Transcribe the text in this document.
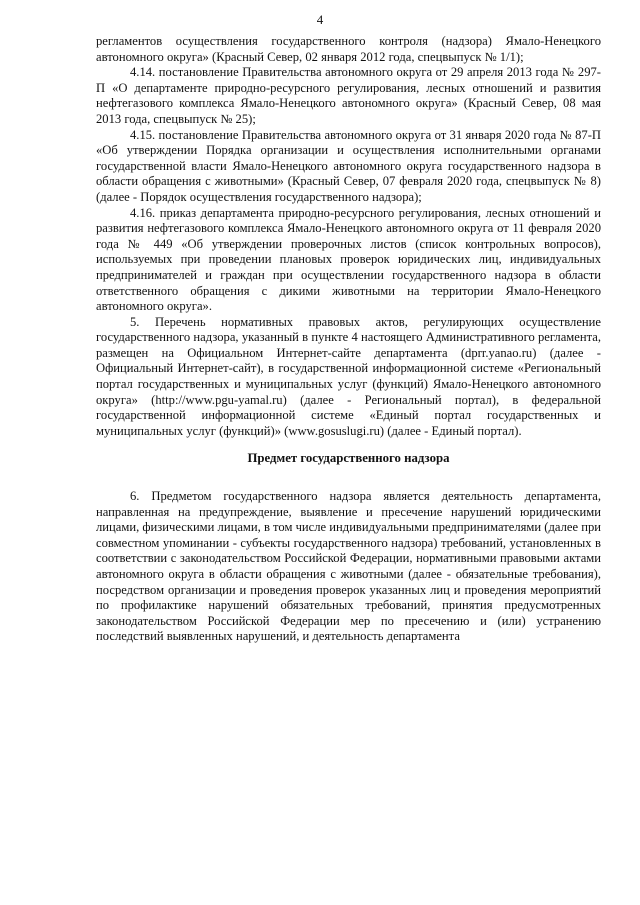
4

регламентов осуществления государственного контроля (надзора) Ямало-Ненецкого автономного округа» (Красный Север, 02 января 2012 года, спецвыпуск № 1/1);

4.14. постановление Правительства автономного округа от 29 апреля 2013 года № 297-П «О департаменте природно-ресурсного регулирования, лесных отношений и развития нефтегазового комплекса Ямало-Ненецкого автономного округа» (Красный Север, 08 мая 2013 года, спецвыпуск № 25);

4.15. постановление Правительства автономного округа от 31 января 2020 года № 87-П «Об утверждении Порядка организации и осуществления исполнительными органами государственной власти Ямало-Ненецкого автономного округа государственного надзора в области обращения с животными» (Красный Север, 07 февраля 2020 года, спецвыпуск № 8) (далее - Порядок осуществления государственного надзора);

4.16. приказ департамента природно-ресурсного регулирования, лесных отношений и развития нефтегазового комплекса Ямало-Ненецкого автономного округа от 11 февраля 2020 года № 449 «Об утверждении проверочных листов (список контрольных вопросов), используемых при проведении плановых проверок юридических лиц, индивидуальных предпринимателей и граждан при осуществлении государственного надзора в области ответственного обращения с дикими животными на территории Ямало-Ненецкого автономного округа».

5. Перечень нормативных правовых актов, регулирующих осуществление государственного надзора, указанный в пункте 4 настоящего Административного регламента, размещен на Официальном Интернет-сайте департамента (dprr.yanao.ru) (далее - Официальный Интернет-сайт), в государственной информационной системе «Региональный портал государственных и муниципальных услуг (функций) Ямало-Ненецкого автономного округа» (http://www.pgu-yamal.ru) (далее - Региональный портал), в федеральной государственной информационной системе «Единый портал государственных и муниципальных услуг (функций)» (www.gosuslugi.ru) (далее - Единый портал).

Предмет государственного надзора

6. Предметом государственного надзора является деятельность департамента, направленная на предупреждение, выявление и пресечение нарушений юридическими лицами, физическими лицами, в том числе индивидуальными предпринимателями (далее при совместном упоминании - субъекты государственного надзора) требований, установленных в соответствии с законодательством Российской Федерации, нормативными правовыми актами автономного округа в области обращения с животными (далее - обязательные требования), посредством организации и проведения проверок указанных лиц и проведения мероприятий по профилактике нарушений обязательных требований, принятия предусмотренных законодательством Российской Федерации мер по пресечению и (или) устранению последствий выявленных нарушений, и деятельность департамента
